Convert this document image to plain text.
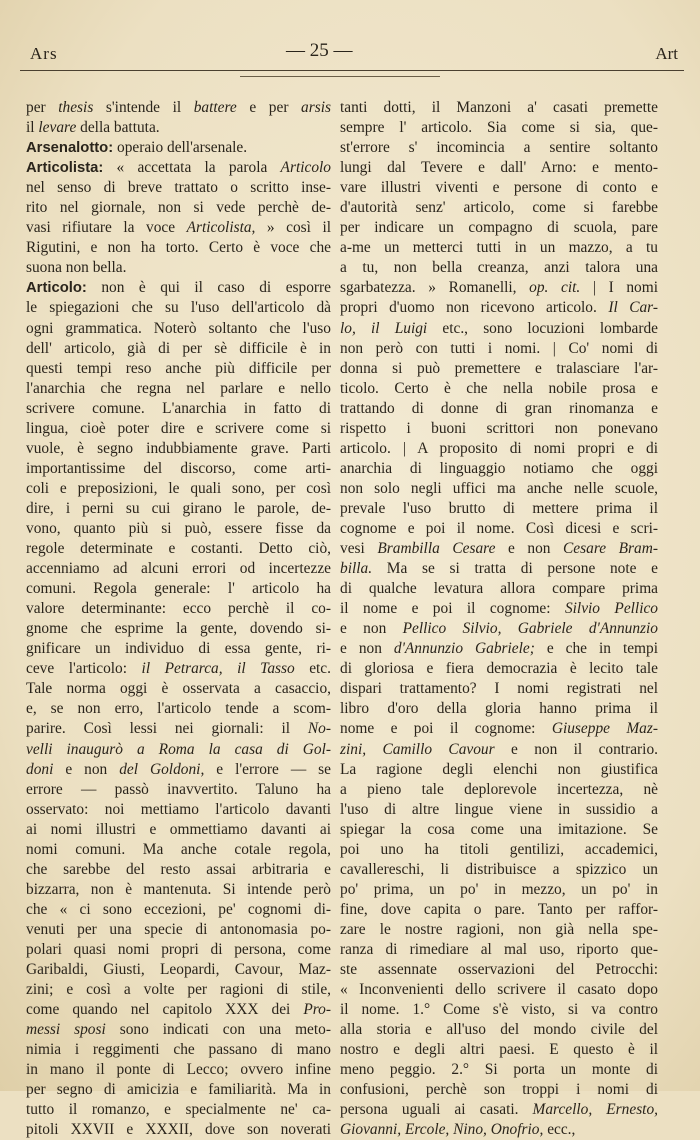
Ars	— 25 —	Art
per thesis s'intende il battere e per arsis
il levare della battuta.
Arsenalotto: operaio dell'arsenale.
Articolista: « accettata la parola Articolo
nel senso di breve trattato o scritto inse-
rito nel giornale, non si vede perchè de-
vasi rifiutare la voce Articolista, » così il
Rigutini, e non ha torto. Certo è voce che
suona non bella.
Articolo: non è qui il caso di esporre
le spiegazioni che su l'uso dell'articolo dà
ogni grammatica. Noterò soltanto che l'uso
dell' articolo, già di per sè difficile è in
questi tempi reso anche più difficile per
l'anarchia che regna nel parlare e nello
scrivere comune. L'anarchia in fatto di
lingua, cioè poter dire e scrivere come si
vuole, è segno indubbiamente grave. Parti
importantissime del discorso, come arti-
coli e preposizioni, le quali sono, per così
dire, i perni su cui girano le parole, de-
vono, quanto più si può, essere fisse da
regole determinate e costanti. Detto ciò,
accenniamo ad alcuni errori od incertezze
comuni. Regola generale: l' articolo ha
valore determinante: ecco perchè il co-
gnome che esprime la gente, dovendo si-
gnificare un individuo di essa gente, ri-
ceve l'articolo: il Petrarca, il Tasso etc.
Tale norma oggi è osservata a casaccio,
e, se non erro, l'articolo tende a scom-
parire. Così lessi nei giornali: il No-
velli inaugurò a Roma la casa di Gol-
doni e non del Goldoni, e l'errore — se
errore — passò inavvertito. Taluno ha
osservato: noi mettiamo l'articolo davanti
ai nomi illustri e ommettiamo davanti ai
nomi comuni. Ma anche cotale regola,
che sarebbe del resto assai arbitraria e
bizzarra, non è mantenuta. Si intende però
che « ci sono eccezioni, pe' cognomi di-
venuti per una specie di antonomasia po-
polari quasi nomi propri di persona, come
Garibaldi, Giusti, Leopardi, Cavour, Maz-
zini; e così a volte per ragioni di stile,
come quando nel capitolo XXX dei Pro-
messi sposi sono indicati con una meto-
nimia i reggimenti che passano di mano
in mano il ponte di Lecco; ovvero infine
per segno di amicizia e familiarità. Ma in
tutto il romanzo, e specialmente ne' ca-
pitoli XXVII e XXXII, dove son noverati
tanti dotti, il Manzoni a' casati premette
sempre l' articolo. Sia come si sia, que-
st'errore s' incomincia a sentire soltanto
lungi dal Tevere e dall' Arno: e mento-
vare illustri viventi e persone di conto e
d'autorità senz' articolo, come si farebbe
per indicare un compagno di scuola, pare
a-me un metterci tutti in un mazzo, a tu
a tu, non bella creanza, anzi talora una
sgarbatezza. » Romanelli, op. cit. | I nomi
propri d'uomo non ricevono articolo. Il Car-
lo, il Luigi etc., sono locuzioni lombarde
non però con tutti i nomi. | Co' nomi di
donna si può premettere e tralasciare l'ar-
ticolo. Certo è che nella nobile prosa e
trattando di donne di gran rinomanza e
rispetto i buoni scrittori non ponevano
articolo. | A proposito di nomi propri e di
anarchia di linguaggio notiamo che oggi
non solo negli uffici ma anche nelle scuole,
prevale l'uso brutto di mettere prima il
cognome e poi il nome. Così dicesi e scri-
vesi Brambilla Cesare e non Cesare Bram-
billa. Ma se si tratta di persone note e
di qualche levatura allora compare prima
il nome e poi il cognome: Silvio Pellico
e non Pellico Silvio, Gabriele d'Annunzio
e non d'Annunzio Gabriele; e che in tempi
di gloriosa e fiera democrazia è lecito tale
dispari trattamento? I nomi registrati nel
libro d'oro della gloria hanno prima il
nome e poi il cognome: Giuseppe Maz-
zini, Camillo Cavour e non il contrario.
La ragione degli elenchi non giustifica
a pieno tale deplorevole incertezza, nè
l'uso di altre lingue viene in sussidio a
spiegar la cosa come una imitazione. Se
poi uno ha titoli gentilizi, accademici,
cavallereschi, li distribuisce a spizzico un
po' prima, un po' in mezzo, un po' in
fine, dove capita o pare. Tanto per raffor-
zare le nostre ragioni, non già nella spe-
ranza di rimediare al mal uso, riporto que-
ste assennate osservazioni del Petrocchi:
« Inconvenienti dello scrivere il casato dopo
il nome. 1.° Come s'è visto, si va contro
alla storia e all'uso del mondo civile del
nostro e degli altri paesi. E questo è il
meno peggio. 2.° Si porta un monte di
confusioni, perchè son troppi i nomi di
persona uguali ai casati. Marcello, Ernesto,
Giovanni, Ercole, Nino, Onofrio, ecc.,
